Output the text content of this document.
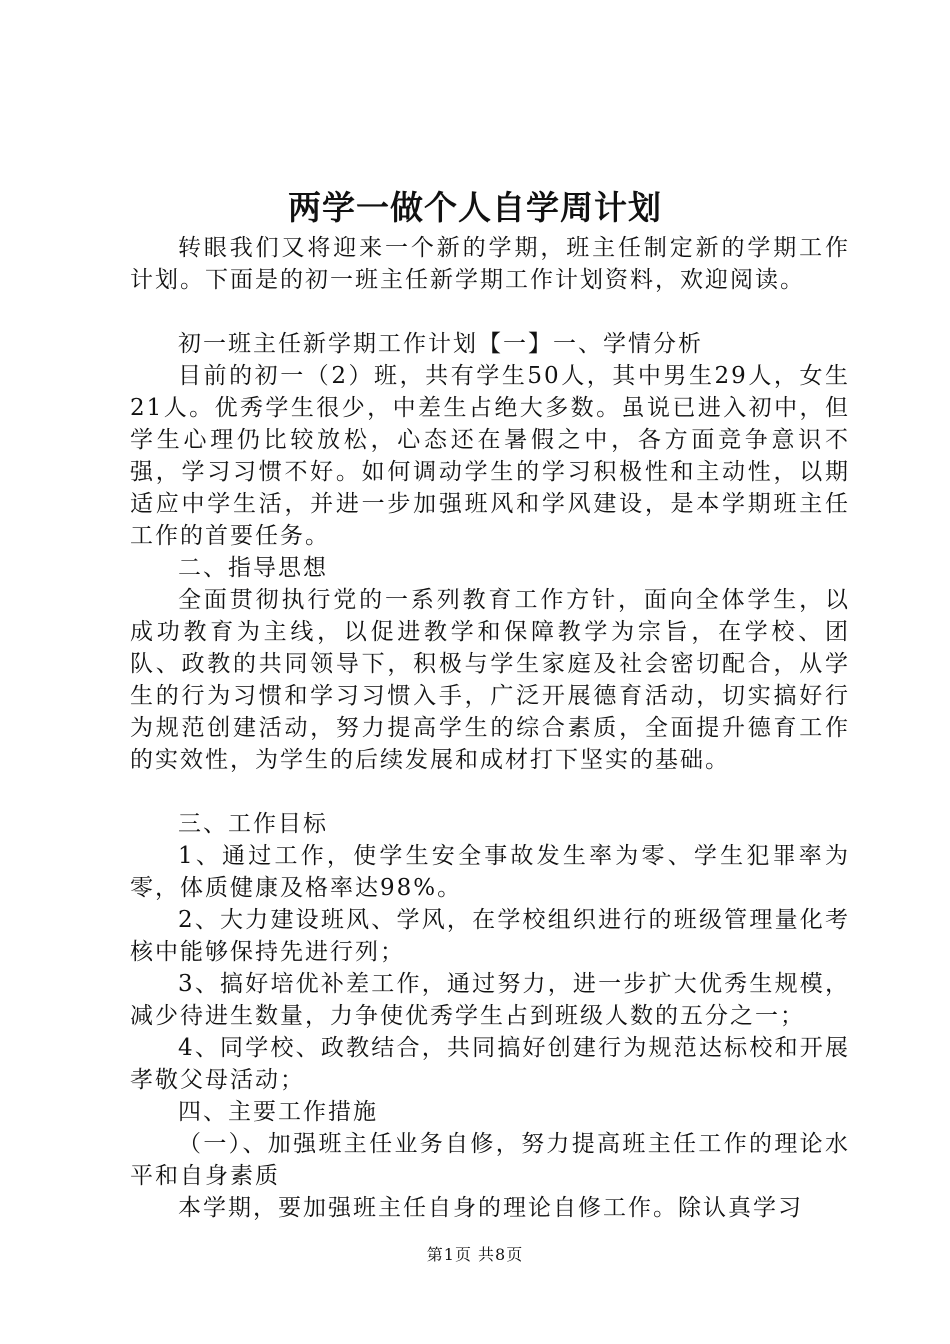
两学一做个人自学周计划

转眼我们又将迎来一个新的学期，班主任制定新的学期工作计划。下面是的初一班主任新学期工作计划资料，欢迎阅读。

初一班主任新学期工作计划【一】一、学情分析

目前的初一（2）班，共有学生50人，其中男生29人，女生21人。优秀学生很少，中差生占绝大多数。虽说已进入初中，但学生心理仍比较放松，心态还在暑假之中，各方面竞争意识不强，学习习惯不好。如何调动学生的学习积极性和主动性，以期适应中学生活，并进一步加强班风和学风建设，是本学期班主任工作的首要任务。

二、指导思想

全面贯彻执行党的一系列教育工作方针，面向全体学生，以成功教育为主线，以促进教学和保障教学为宗旨，在学校、团队、政教的共同领导下，积极与学生家庭及社会密切配合，从学生的行为习惯和学习习惯入手，广泛开展德育活动，切实搞好行为规范创建活动，努力提高学生的综合素质，全面提升德育工作的实效性，为学生的后续发展和成材打下坚实的基础。

三、工作目标

1、通过工作，使学生安全事故发生率为零、学生犯罪率为零，体质健康及格率达98%。

2、大力建设班风、学风，在学校组织进行的班级管理量化考核中能够保持先进行列；

3、搞好培优补差工作，通过努力，进一步扩大优秀生规模，减少待进生数量，力争使优秀学生占到班级人数的五分之一；

4、同学校、政教结合，共同搞好创建行为规范达标校和开展孝敬父母活动；

四、主要工作措施

（一）、加强班主任业务自修，努力提高班主任工作的理论水平和自身素质

本学期，要加强班主任自身的理论自修工作。除认真学习

第1页 共8页
